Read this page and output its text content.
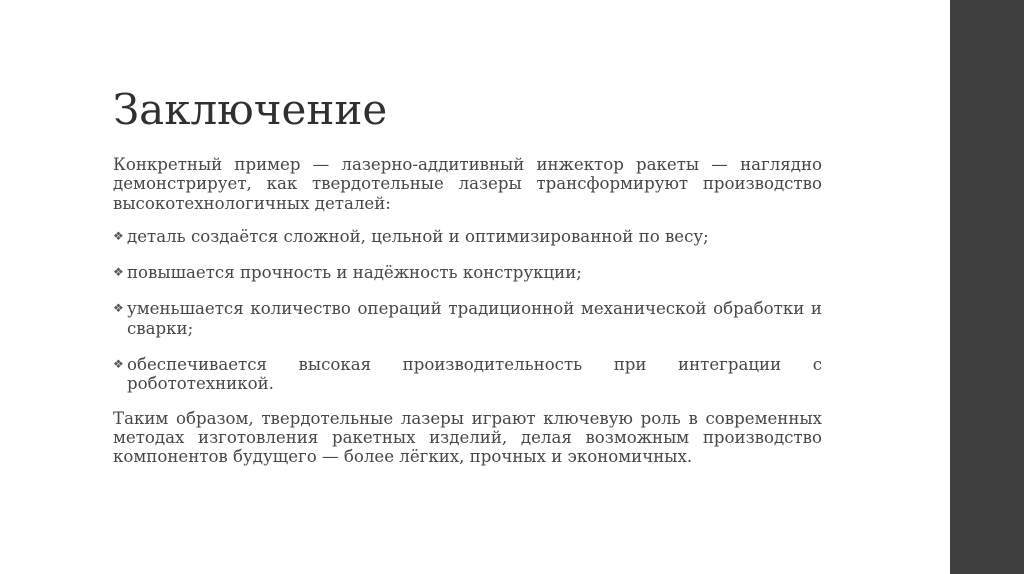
Заключение

Конкретный пример — лазерно-аддитивный инжектор ракеты — наглядно демонстрирует, как твердотельные лазеры трансформируют производство высокотехнологичных деталей:

❖ деталь создаётся сложной, цельной и оптимизированной по весу;
❖ повышается прочность и надёжность конструкции;
❖ уменьшается количество операций традиционной механической обработки и сварки;
❖ обеспечивается высокая производительность при интеграции с робототехникой.

Таким образом, твердотельные лазеры играют ключевую роль в современных методах изготовления ракетных изделий, делая возможным производство компонентов будущего — более лёгких, прочных и экономичных.
